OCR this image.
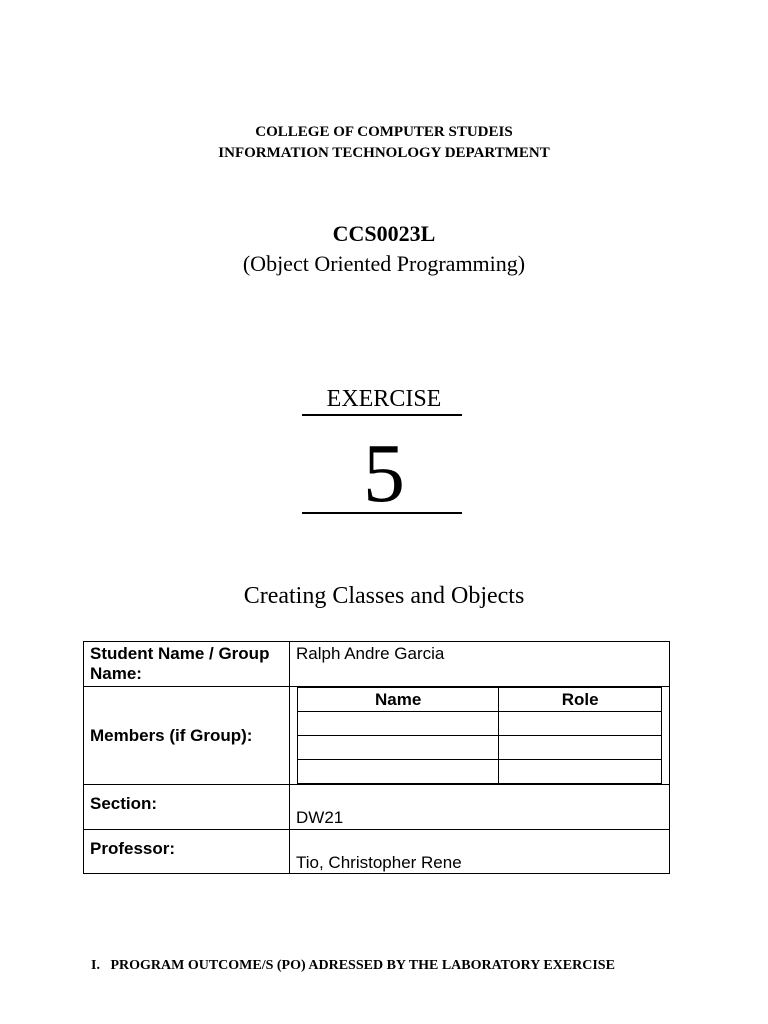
COLLEGE OF COMPUTER STUDEIS
INFORMATION TECHNOLOGY DEPARTMENT
CCS0023L
(Object Oriented Programming)
EXERCISE
5
Creating Classes and Objects
Student Name / Group Name:	Ralph Andre Garcia
Members (if Group):	
Name	Role

Section:	DW21
Professor:	Tio, Christopher Rene
I.   PROGRAM OUTCOME/S (PO) ADRESSED BY THE LABORATORY EXERCISE
